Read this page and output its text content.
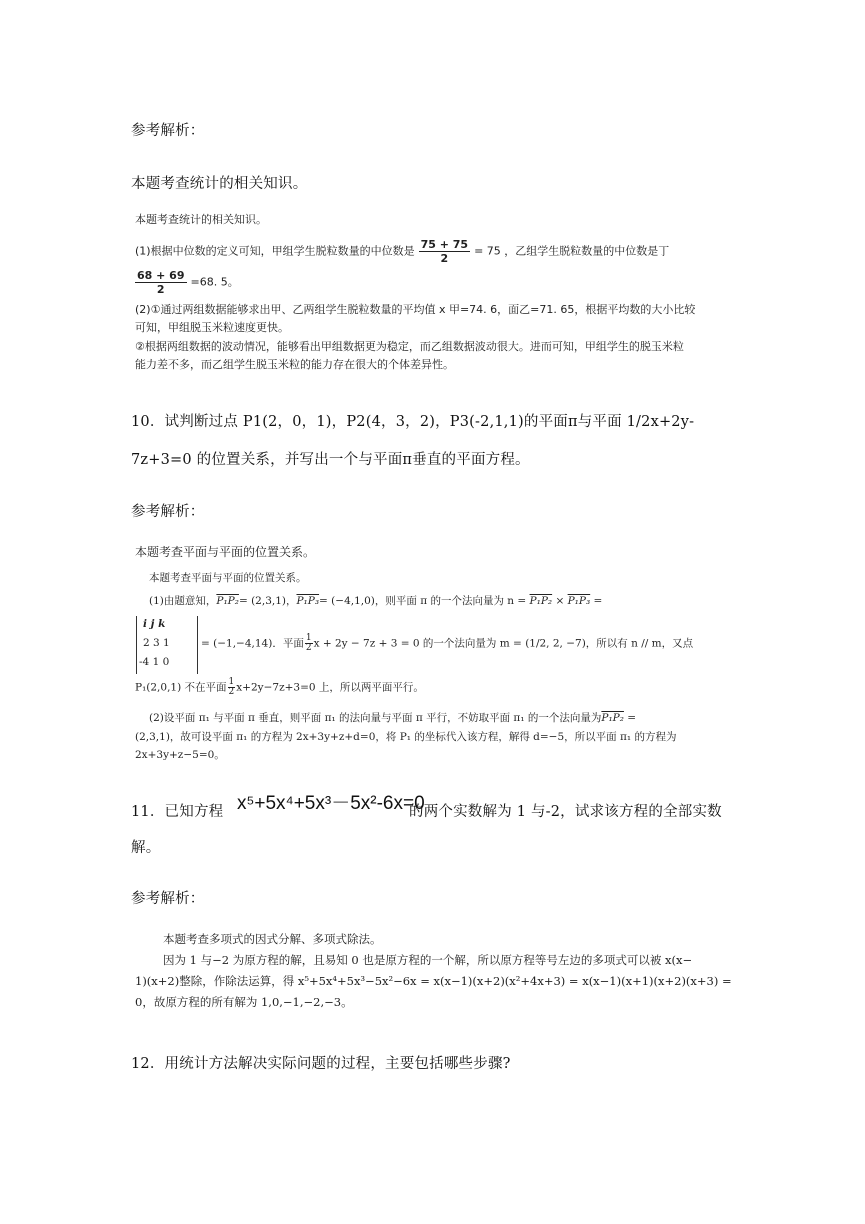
参考解析：
本题考查统计的相关知识。
本题考查统计的相关知识。
(1)根据中位数的定义可知，甲组学生脱粒数量的中位数是 $\frac{75 + 75}{2} = 75$ ，乙组学生脱粒数量的中位数是丁
$\frac{68 + 69}{2} =68$. 5。
(2)①通过两组数据能够求出甲、乙两组学生脱粒数量的平均值 x 甲=74. 6，面乙=71. 65，根据平均数的大小比较
可知，甲组脱玉米粒速度更快。
②根据两组数据的波动情况，能够看出甲组数据更为稳定，而乙组数据波动很大。进而可知，甲组学生的脱玉米粒
能力差不多，而乙组学生脱玉米粒的能力存在很大的个体差异性。
10．试判断过点 P1(2，0，1)，P2(4，3，2)，P3(-2,1,1)的平面π与平面 1/2x+2y-
7z+3=0 的位置关系，并写出一个与平面π垂直的平面方程。
参考解析：
本题考查平面与平面的位置关系。
本题考查平面与平面的位置关系。
(1)由题意知，P₁P₂= (2,3,1)，P₁P₃= (−4,1,0)，则平面 π 的一个法向量为 n = P₁P₂ × P₁P₃ =
i j k
2 3 1
-4 1 0
= (−1,−4,14)．平面 $\frac{1}{2}$ x + 2y − 7z + 3 = 0 的一个法向量为 m = (1/2, 2, −7)，所以有 n // m，又点
P₁(2,0,1) 不在平面 $\frac{1}{2} x+2y-7z+3=0$ 上，所以两平面平行。
(2)设平面 π₁ 与平面 π 垂直，则平面 π₁ 的法向量与平面 π 平行，不妨取平面 π₁ 的一个法向量为P₁P₂ =
(2,3,1)，故可设平面 π₁ 的方程为 2x+3y+z+d=0，将 P₁ 的坐标代入该方程，解得 d=−5，所以平面 π₁ 的方程为
2x+3y+z−5=0。
11．已知方程 x⁵+5x⁴+5x³－5x²-6x=0
的两个实数解为 1 与-2，试求该方程的全部实数
解。
参考解析：
本题考查多项式的因式分解、多项式除法。
因为 1 与−2 为原方程的解，且易知 0 也是原方程的一个解，所以原方程等号左边的多项式可以被 x(x−
1)(x+2)整除，作除法运算，得 x⁵+5x⁴+5x³−5x²−6x = x(x−1)(x+2)(x²+4x+3) = x(x−1)(x+1)(x+2)(x+3) =
0，故原方程的所有解为 1,0,−1,−2,−3。
12．用统计方法解决实际问题的过程，主要包括哪些步骤?
